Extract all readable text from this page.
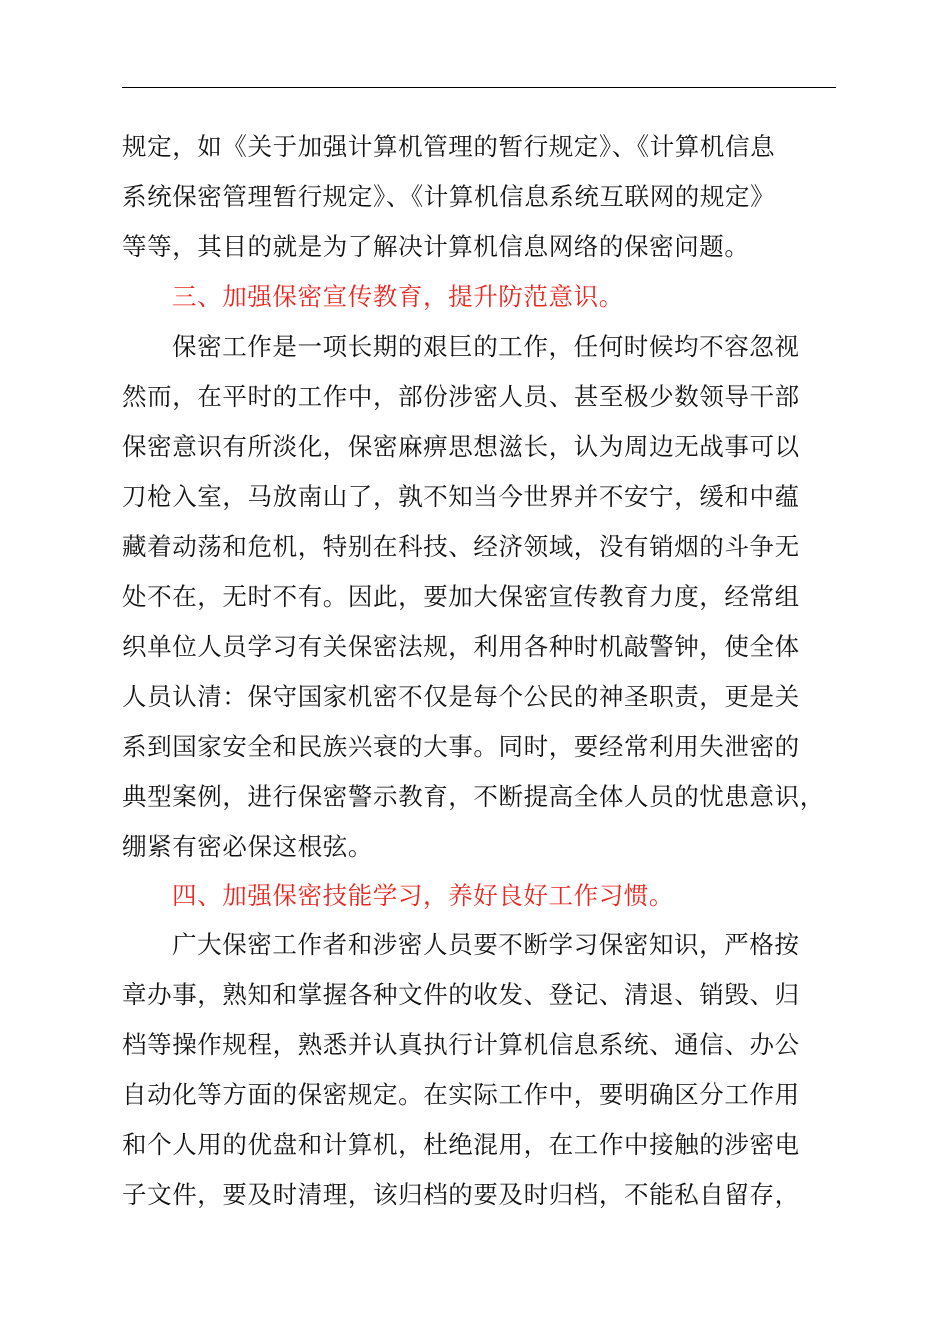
规定，如《关于加强计算机管理的暂行规定》、《计算机信息
系统保密管理暂行规定》、《计算机信息系统互联网的规定》
等等，其目的就是为了解决计算机信息网络的保密问题。
三、加强保密宣传教育，提升防范意识。
保密工作是一项长期的艰巨的工作，任何时候均不容忽视
然而，在平时的工作中，部份涉密人员、甚至极少数领导干部
保密意识有所淡化，保密麻痹思想滋长，认为周边无战事可以
刀枪入室，马放南山了，孰不知当今世界并不安宁，缓和中蕴
藏着动荡和危机，特别在科技、经济领域，没有销烟的斗争无
处不在，无时不有。因此，要加大保密宣传教育力度，经常组
织单位人员学习有关保密法规，利用各种时机敲警钟，使全体
人员认清：保守国家机密不仅是每个公民的神圣职责，更是关
系到国家安全和民族兴衰的大事。同时，要经常利用失泄密的
典型案例，进行保密警示教育，不断提高全体人员的忧患意识，
绷紧有密必保这根弦。
四、加强保密技能学习，养好良好工作习惯。
广大保密工作者和涉密人员要不断学习保密知识，严格按
章办事，熟知和掌握各种文件的收发、登记、清退、销毁、归
档等操作规程，熟悉并认真执行计算机信息系统、通信、办公
自动化等方面的保密规定。在实际工作中，要明确区分工作用
和个人用的优盘和计算机，杜绝混用，在工作中接触的涉密电
子文件，要及时清理，该归档的要及时归档，不能私自留存，
